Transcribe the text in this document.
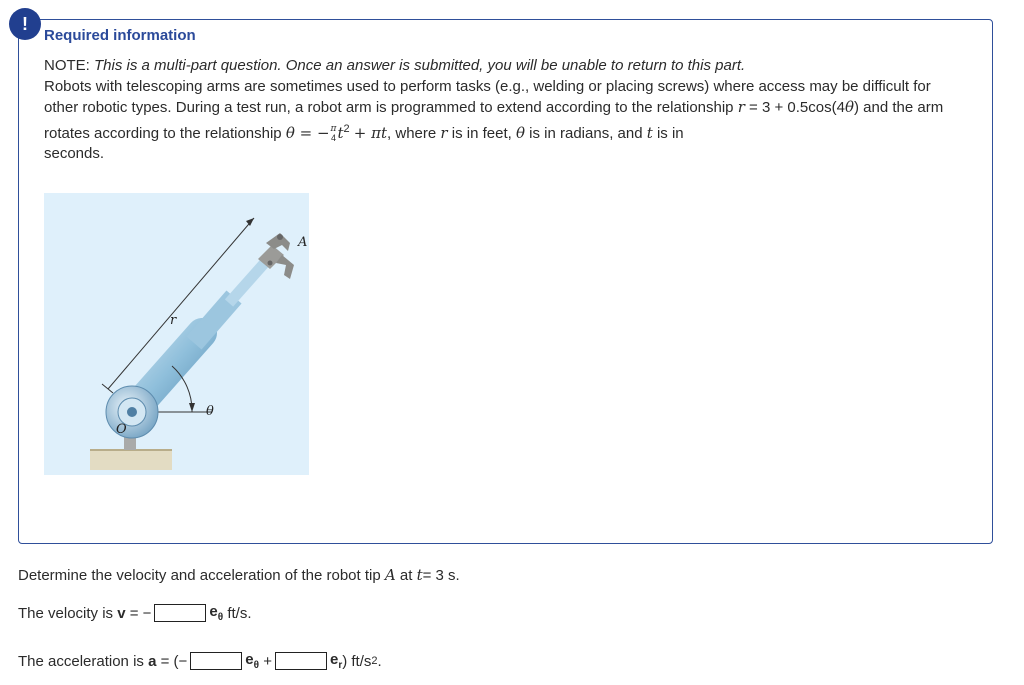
!
Required information
NOTE: This is a multi-part question. Once an answer is submitted, you will be unable to return to this part.
Robots with telescoping arms are sometimes used to perform tasks (e.g., welding or placing screws) where access may be difficult for other robotic types. During a test run, a robot arm is programmed to extend according to the relationship r = 3 + 0.5cos(4θ) and the arm rotates according to the relationship θ = − π
4 $t^2 + \pi t$, where r is in feet, θ is in radians, and t is in
seconds.
θ
r
A
O
Determine the velocity and acceleration of the robot tip A at t= 3 s.
The velocity is
v
= −	$e_\theta$
ft/s.
The acceleration is
a
= (−	$e_\theta$
+	$e_r$ ) ft/s 2 .
